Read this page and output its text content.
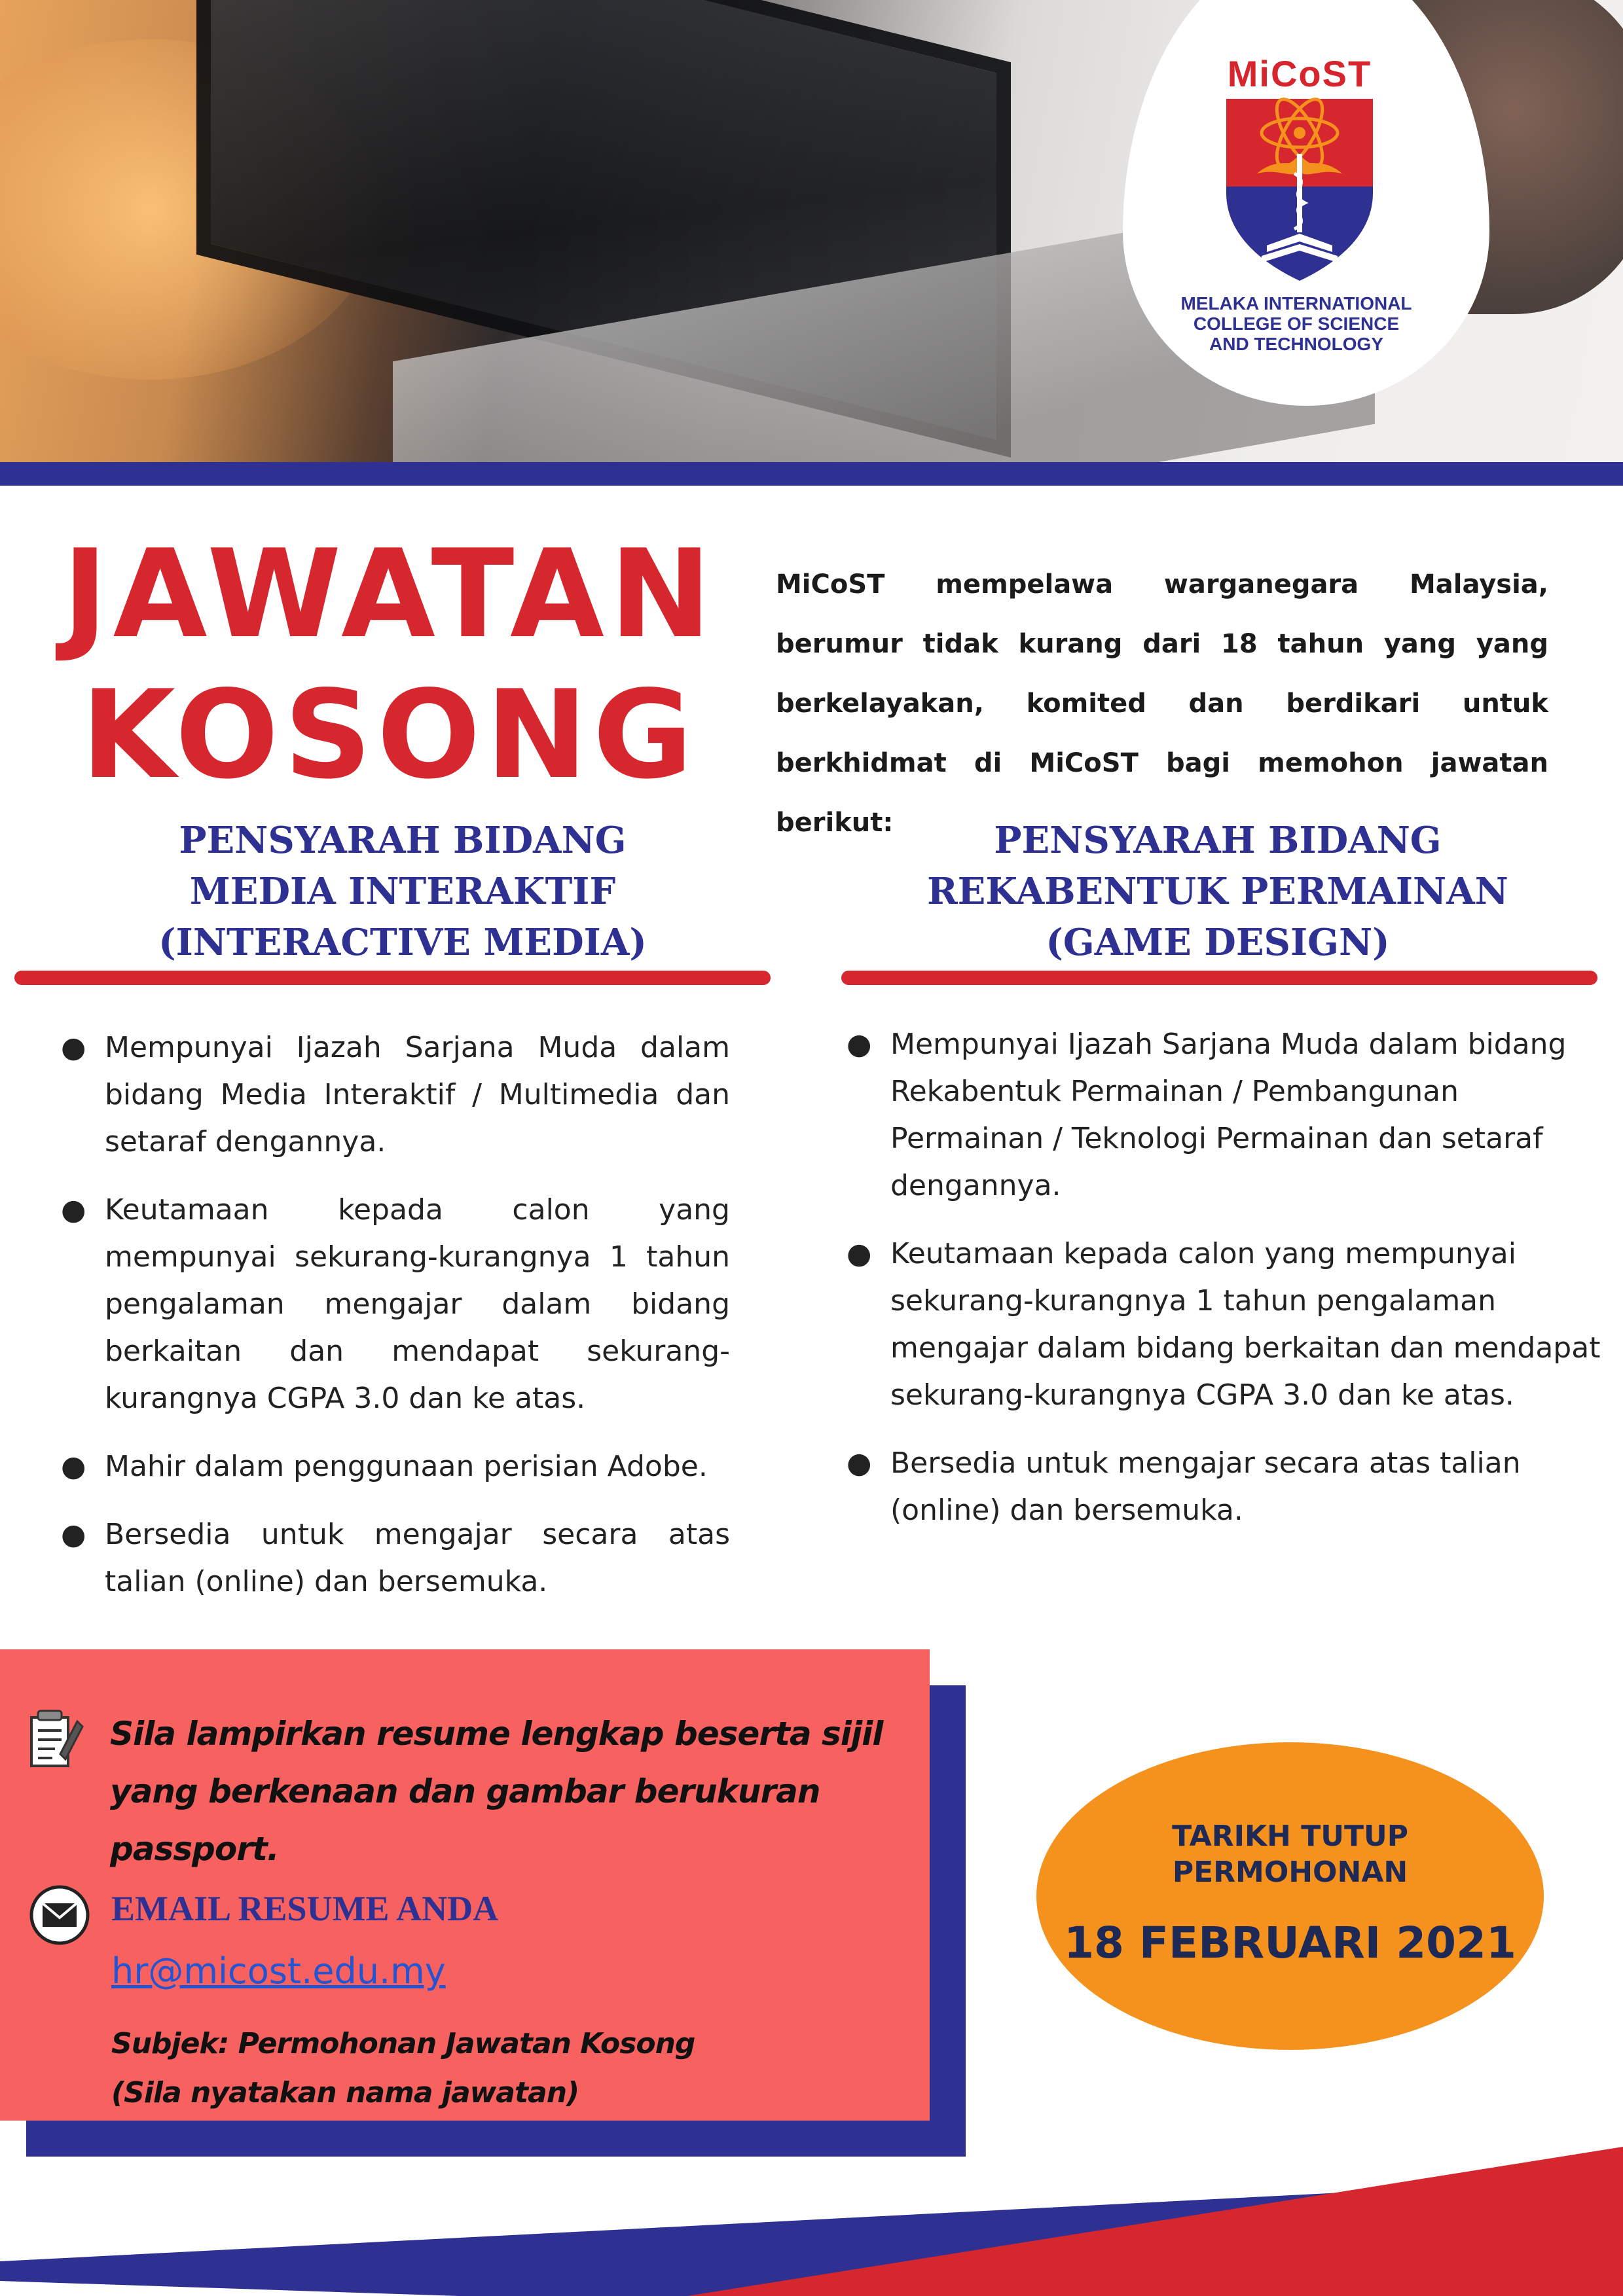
MiCoST
MELAKA INTERNATIONAL
COLLEGE OF SCIENCE
AND TECHNOLOGY
JAWATAN
KOSONG
MiCoST mempelawa warganegara Malaysia, berumur tidak kurang dari 18 tahun yang yang berkelayakan, komited dan berdikari untuk berkhidmat di MiCoST bagi memohon jawatan berikut:
PENSYARAH BIDANG
MEDIA INTERAKTIF
(INTERACTIVE MEDIA)
● Mempunyai Ijazah Sarjana Muda dalam bidang Media Interaktif / Multimedia dan setaraf dengannya.
● Keutamaan kepada calon yang mempunyai sekurang-kurangnya 1 tahun pengalaman mengajar dalam bidang berkaitan dan mendapat sekurang-kurangnya CGPA 3.0 dan ke atas.
● Mahir dalam penggunaan perisian Adobe.
● Bersedia untuk mengajar secara atas talian (online) dan bersemuka.
PENSYARAH BIDANG
REKABENTUK PERMAINAN
(GAME DESIGN)
● Mempunyai Ijazah Sarjana Muda dalam bidang Rekabentuk Permainan / Pembangunan Permainan / Teknologi Permainan dan setaraf dengannya.
● Keutamaan kepada calon yang mempunyai sekurang-kurangnya 1 tahun pengalaman mengajar dalam bidang berkaitan dan mendapat sekurang-kurangnya CGPA 3.0 dan ke atas.
● Bersedia untuk mengajar secara atas talian (online) dan bersemuka.
Sila lampirkan resume lengkap beserta sijil yang berkenaan dan gambar berukuran passport.
EMAIL RESUME ANDA
hr@micost.edu.my
Subjek: Permohonan Jawatan Kosong
(Sila nyatakan nama jawatan)
TARIKH TUTUP
PERMOHONAN
18 FEBRUARI 2021
